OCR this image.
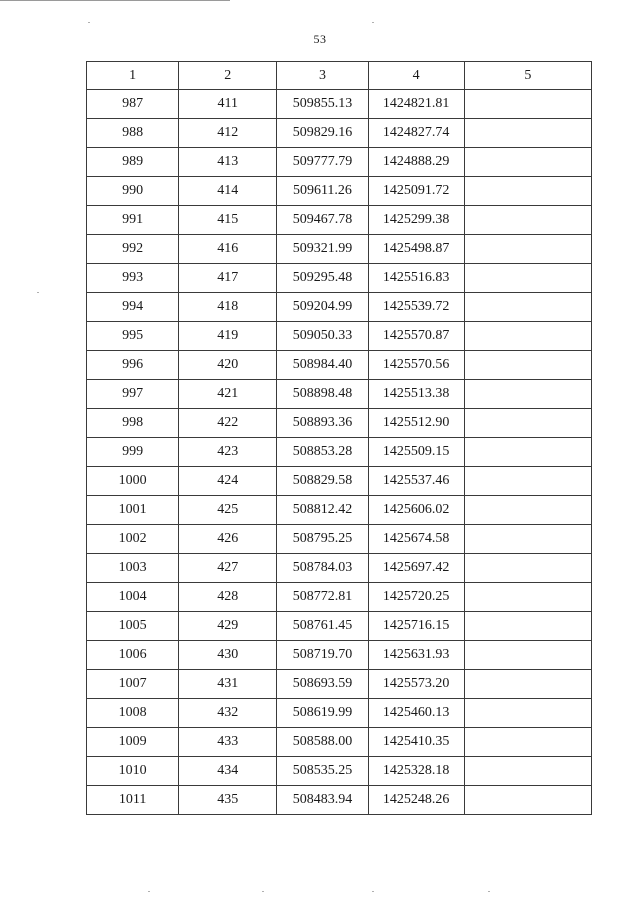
53
1	2	3	4	5
987	411	509855.13	1424821.81	
988	412	509829.16	1424827.74	
989	413	509777.79	1424888.29	
990	414	509611.26	1425091.72	
991	415	509467.78	1425299.38	
992	416	509321.99	1425498.87	
993	417	509295.48	1425516.83	
994	418	509204.99	1425539.72	
995	419	509050.33	1425570.87	
996	420	508984.40	1425570.56	
997	421	508898.48	1425513.38	
998	422	508893.36	1425512.90	
999	423	508853.28	1425509.15	
1000	424	508829.58	1425537.46	
1001	425	508812.42	1425606.02	
1002	426	508795.25	1425674.58	
1003	427	508784.03	1425697.42	
1004	428	508772.81	1425720.25	
1005	429	508761.45	1425716.15	
1006	430	508719.70	1425631.93	
1007	431	508693.59	1425573.20	
1008	432	508619.99	1425460.13	
1009	433	508588.00	1425410.35	
1010	434	508535.25	1425328.18	
1011	435	508483.94	1425248.26	
